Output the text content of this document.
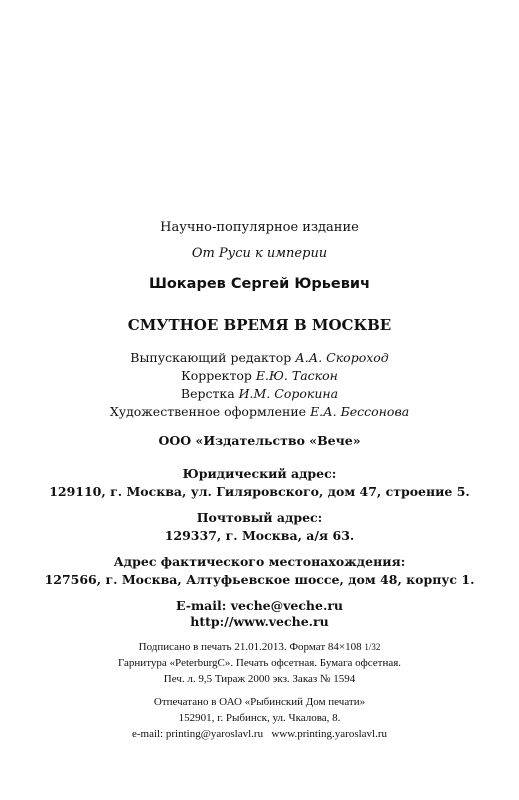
Научно-популярное издание
От Руси к империи
Шокарев Сергей Юрьевич
СМУТНОЕ ВРЕМЯ В МОСКВЕ
Выпускающий редактор А.А. Скороход
Корректор Е.Ю. Таскон
Верстка И.М. Сорокина
Художественное оформление Е.А. Бессонова
ООО «Издательство «Вече»
Юридический адрес:
129110, г. Москва, ул. Гиляровского, дом 47, строение 5.
Почтовый адрес:
129337, г. Москва, а/я 63.
Адрес фактического местонахождения:
127566, г. Москва, Алтуфьевское шоссе, дом 48, корпус 1.
E-mail: veche@veche.ru
http://www.veche.ru
Подписано в печать 21.01.2013. Формат 84×108 1/32
Гарнитура «PeterburgC». Печать офсетная. Бумага офсетная.
Печ. л. 9,5 Тираж 2000 экз. Заказ № 1594
Отпечатано в ОАО «Рыбинский Дом печати»
152901, г. Рыбинск, ул. Чкалова, 8.
e-mail: printing@yaroslavl.ru   www.printing.yaroslavl.ru
